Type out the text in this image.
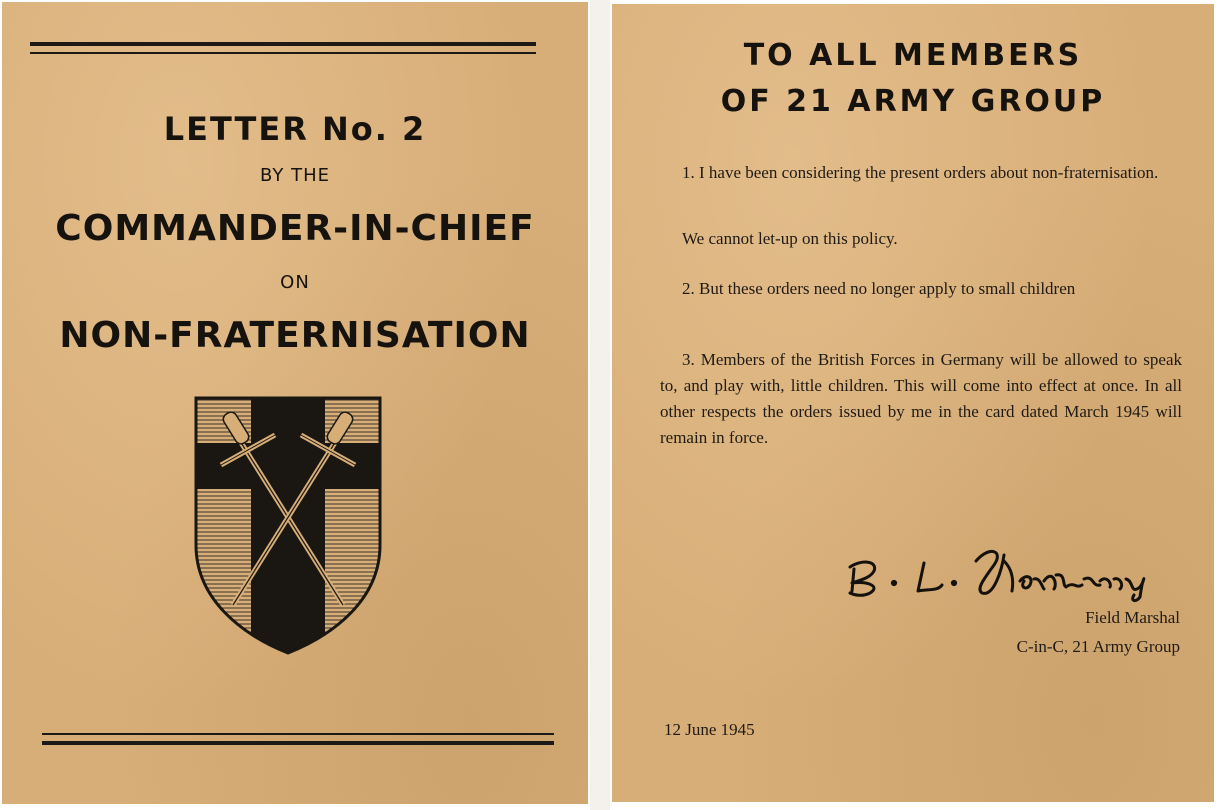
LETTER No. 2
BY THE
COMMANDER-IN-CHIEF
ON
NON-FRATERNISATION
TO ALL MEMBERS
OF 21 ARMY GROUP
1. I have been considering the present orders about non-fraternisation.
We cannot let-up on this policy.
2. But these orders need no longer apply to small children
3. Members of the British Forces in Germany will be allowed to speak to, and play with, little children. This will come into effect at once. In all other respects the orders issued by me in the card dated March 1945 will remain in force.
Field Marshal
C-in-C, 21 Army Group
12 June 1945
